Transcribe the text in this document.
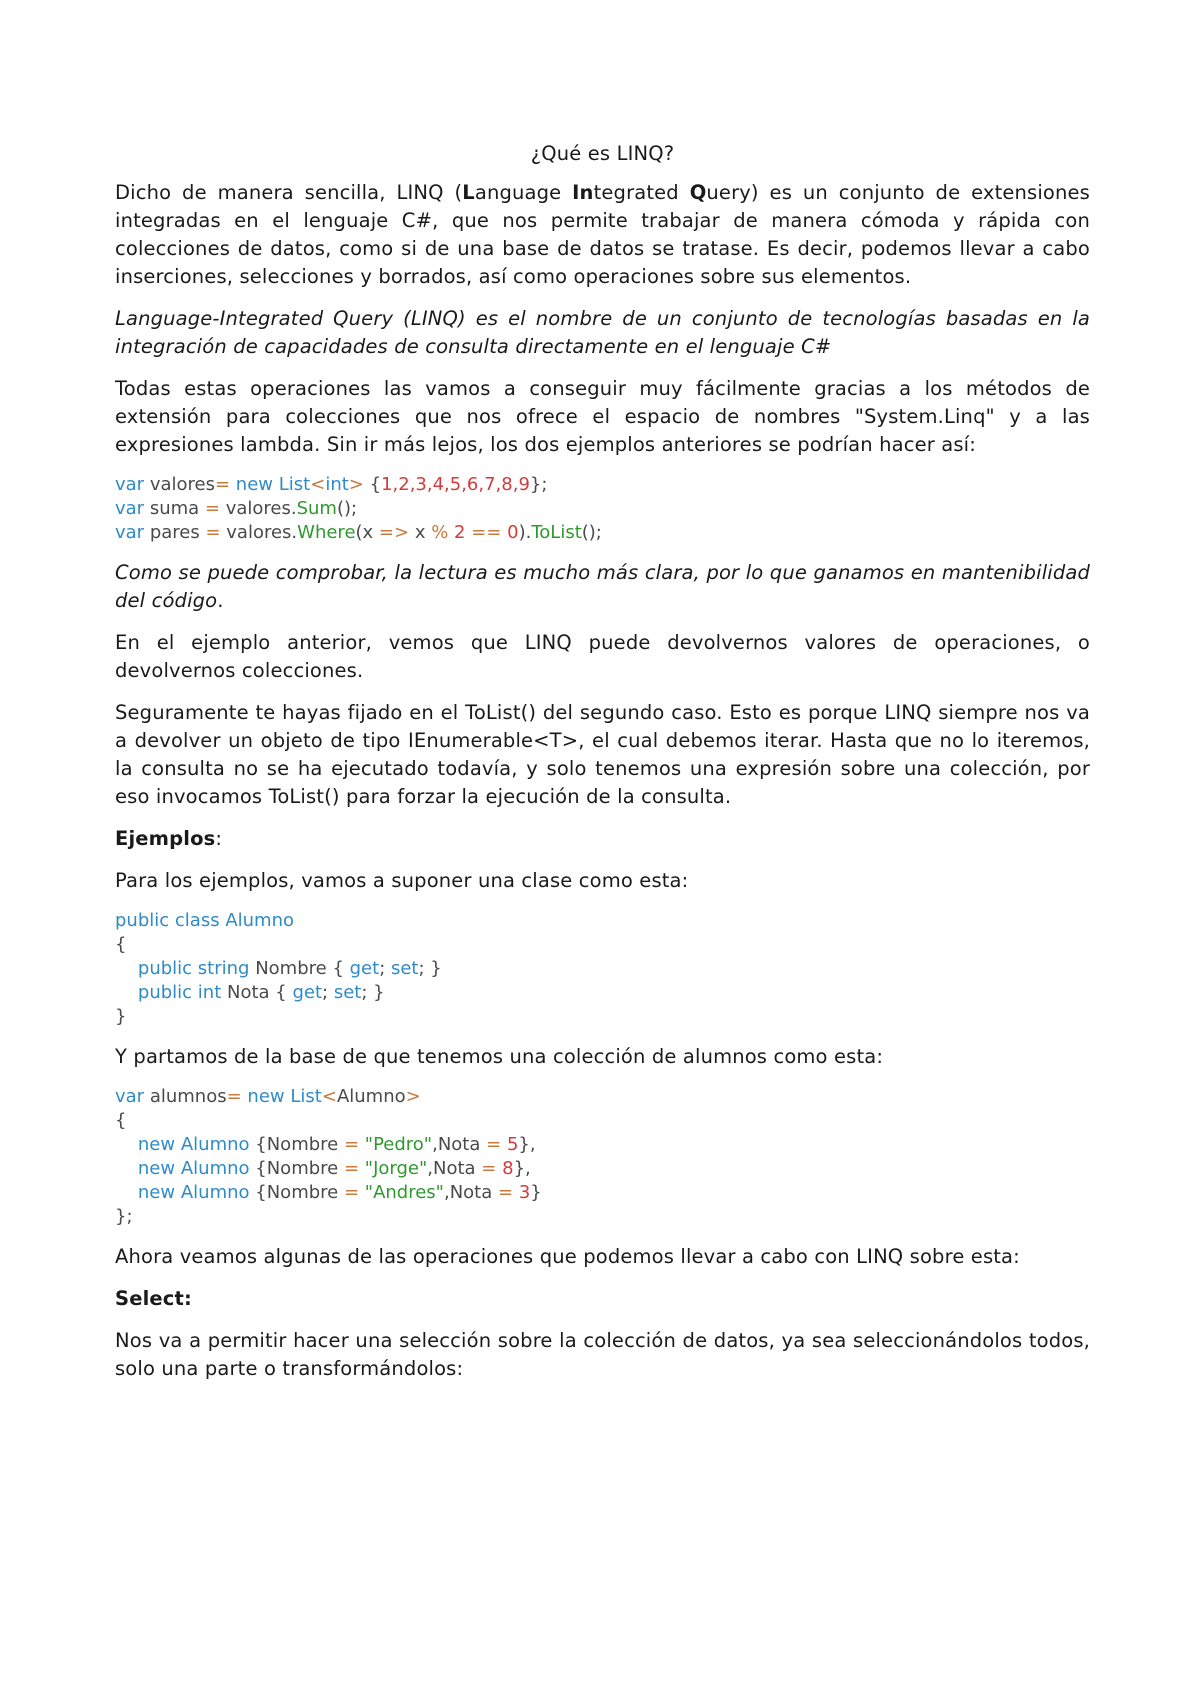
¿Qué es LINQ?

Dicho de manera sencilla, LINQ (Language Integrated Query) es un conjunto de extensiones integradas en el lenguaje C#, que nos permite trabajar de manera cómoda y rápida con colecciones de datos, como si de una base de datos se tratase. Es decir, podemos llevar a cabo inserciones, selecciones y borrados, así como operaciones sobre sus elementos.

Language-Integrated Query (LINQ) es el nombre de un conjunto de tecnologías basadas en la integración de capacidades de consulta directamente en el lenguaje C#

Todas estas operaciones las vamos a conseguir muy fácilmente gracias a los métodos de extensión para colecciones que nos ofrece el espacio de nombres "System.Linq" y a las expresiones lambda. Sin ir más lejos, los dos ejemplos anteriores se podrían hacer así:

var valores= new List<int> {1,2,3,4,5,6,7,8,9};
var suma = valores.Sum();
var pares = valores.Where(x => x % 2 == 0).ToList();

Como se puede comprobar, la lectura es mucho más clara, por lo que ganamos en mantenibilidad del código.

En el ejemplo anterior, vemos que LINQ puede devolvernos valores de operaciones, o devolvernos colecciones.

Seguramente te hayas fijado en el ToList() del segundo caso. Esto es porque LINQ siempre nos va a devolver un objeto de tipo IEnumerable<T>, el cual debemos iterar. Hasta que no lo iteremos, la consulta no se ha ejecutado todavía, y solo tenemos una expresión sobre una colección, por eso invocamos ToList() para forzar la ejecución de la consulta.

Ejemplos:

Para los ejemplos, vamos a suponer una clase como esta:

public class Alumno
{
public string Nombre { get; set; }
public int Nota { get; set; }
}

Y partamos de la base de que tenemos una colección de alumnos como esta:

var alumnos= new List<Alumno>
{
new Alumno {Nombre = "Pedro",Nota = 5},
new Alumno {Nombre = "Jorge",Nota = 8},
new Alumno {Nombre = "Andres",Nota = 3}
};

Ahora veamos algunas de las operaciones que podemos llevar a cabo con LINQ sobre esta:

Select:

Nos va a permitir hacer una selección sobre la colección de datos, ya sea seleccionándolos todos, solo una parte o transformándolos:
